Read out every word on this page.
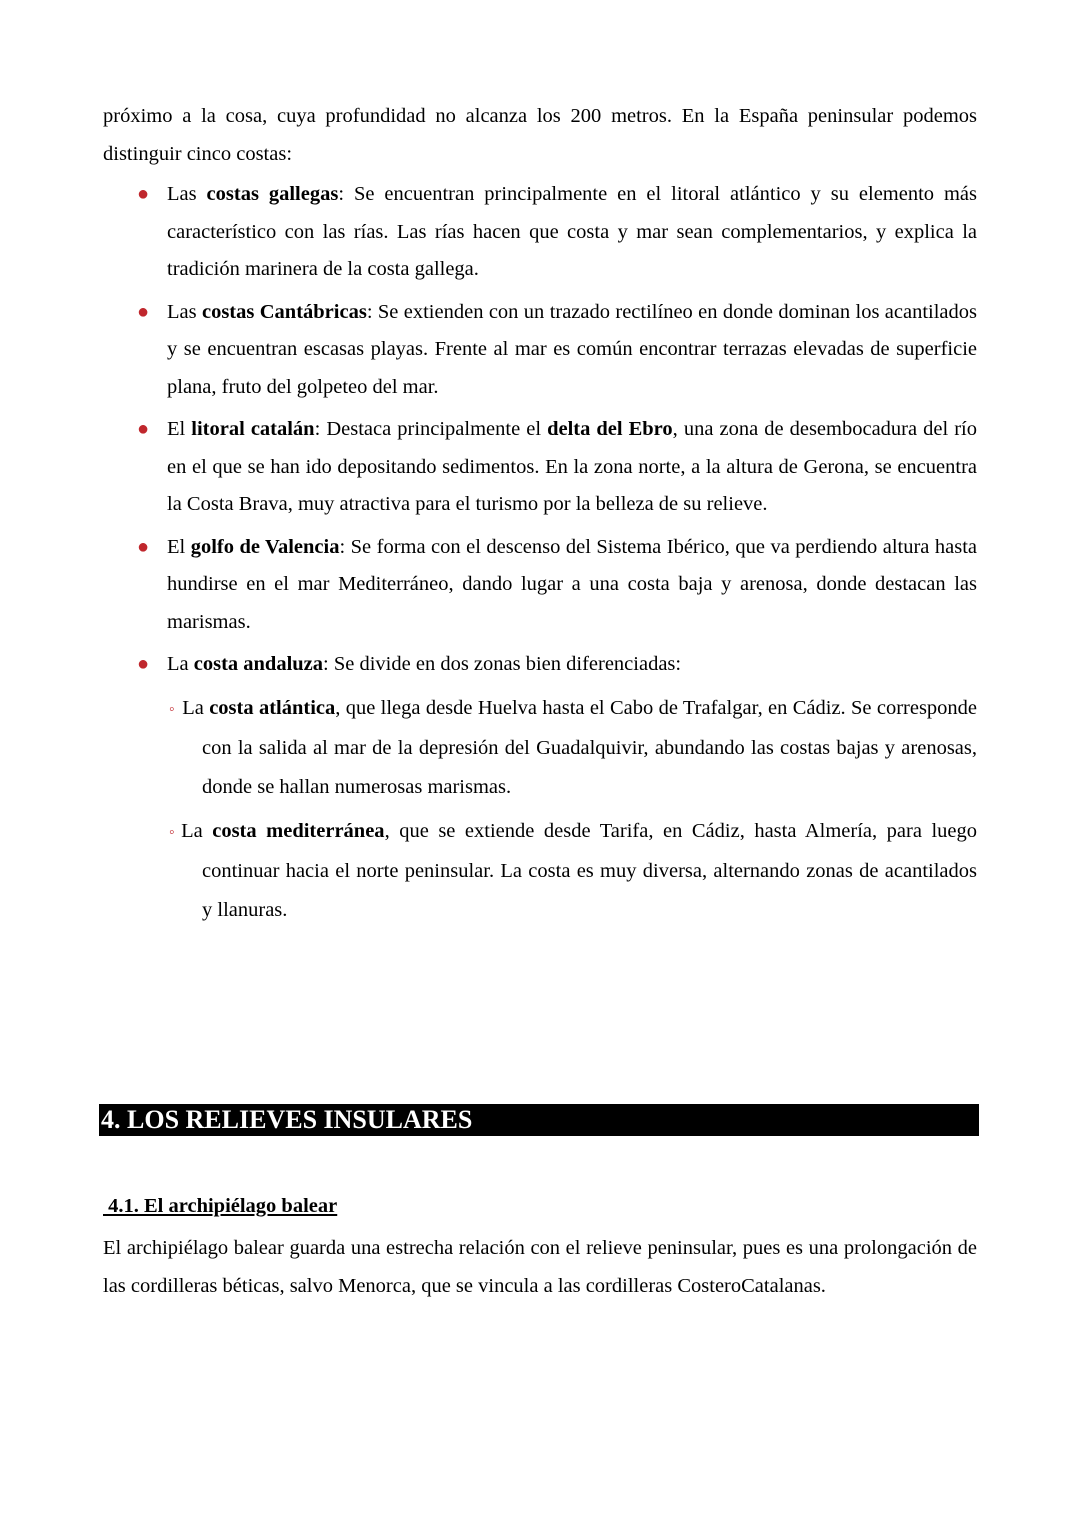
próximo a la cosa, cuya profundidad no alcanza los 200 metros. En la España peninsular podemos distinguir cinco costas:

● Las costas gallegas: Se encuentran principalmente en el litoral atlántico y su elemento más característico con las rías. Las rías hacen que costa y mar sean complementarios, y explica la tradición marinera de la costa gallega.
● Las costas Cantábricas: Se extienden con un trazado rectilíneo en donde dominan los acantilados y se encuentran escasas playas. Frente al mar es común encontrar terrazas elevadas de superficie plana, fruto del golpeteo del mar.
● El litoral catalán: Destaca principalmente el delta del Ebro, una zona de desembocadura del río en el que se han ido depositando sedimentos. En la zona norte, a la altura de Gerona, se encuentra la Costa Brava, muy atractiva para el turismo por la belleza de su relieve.
● El golfo de Valencia: Se forma con el descenso del Sistema Ibérico, que va perdiendo altura hasta hundirse en el mar Mediterráneo, dando lugar a una costa baja y arenosa, donde destacan las marismas.
● La costa andaluza: Se divide en dos zonas bien diferenciadas:
◦ La costa atlántica, que llega desde Huelva hasta el Cabo de Trafalgar, en Cádiz. Se corresponde con la salida al mar de la depresión del Guadalquivir, abundando las costas bajas y arenosas, donde se hallan numerosas marismas.
◦La costa mediterránea, que se extiende desde Tarifa, en Cádiz, hasta Almería, para luego continuar hacia el norte peninsular. La costa es muy diversa, alternando zonas de acantilados y llanuras.
4. LOS RELIEVES INSULARES
4.1. El archipiélago balear

El archipiélago balear guarda una estrecha relación con el relieve peninsular, pues es una prolongación de las cordilleras béticas, salvo Menorca, que se vincula a las cordilleras CosteroCatalanas.
